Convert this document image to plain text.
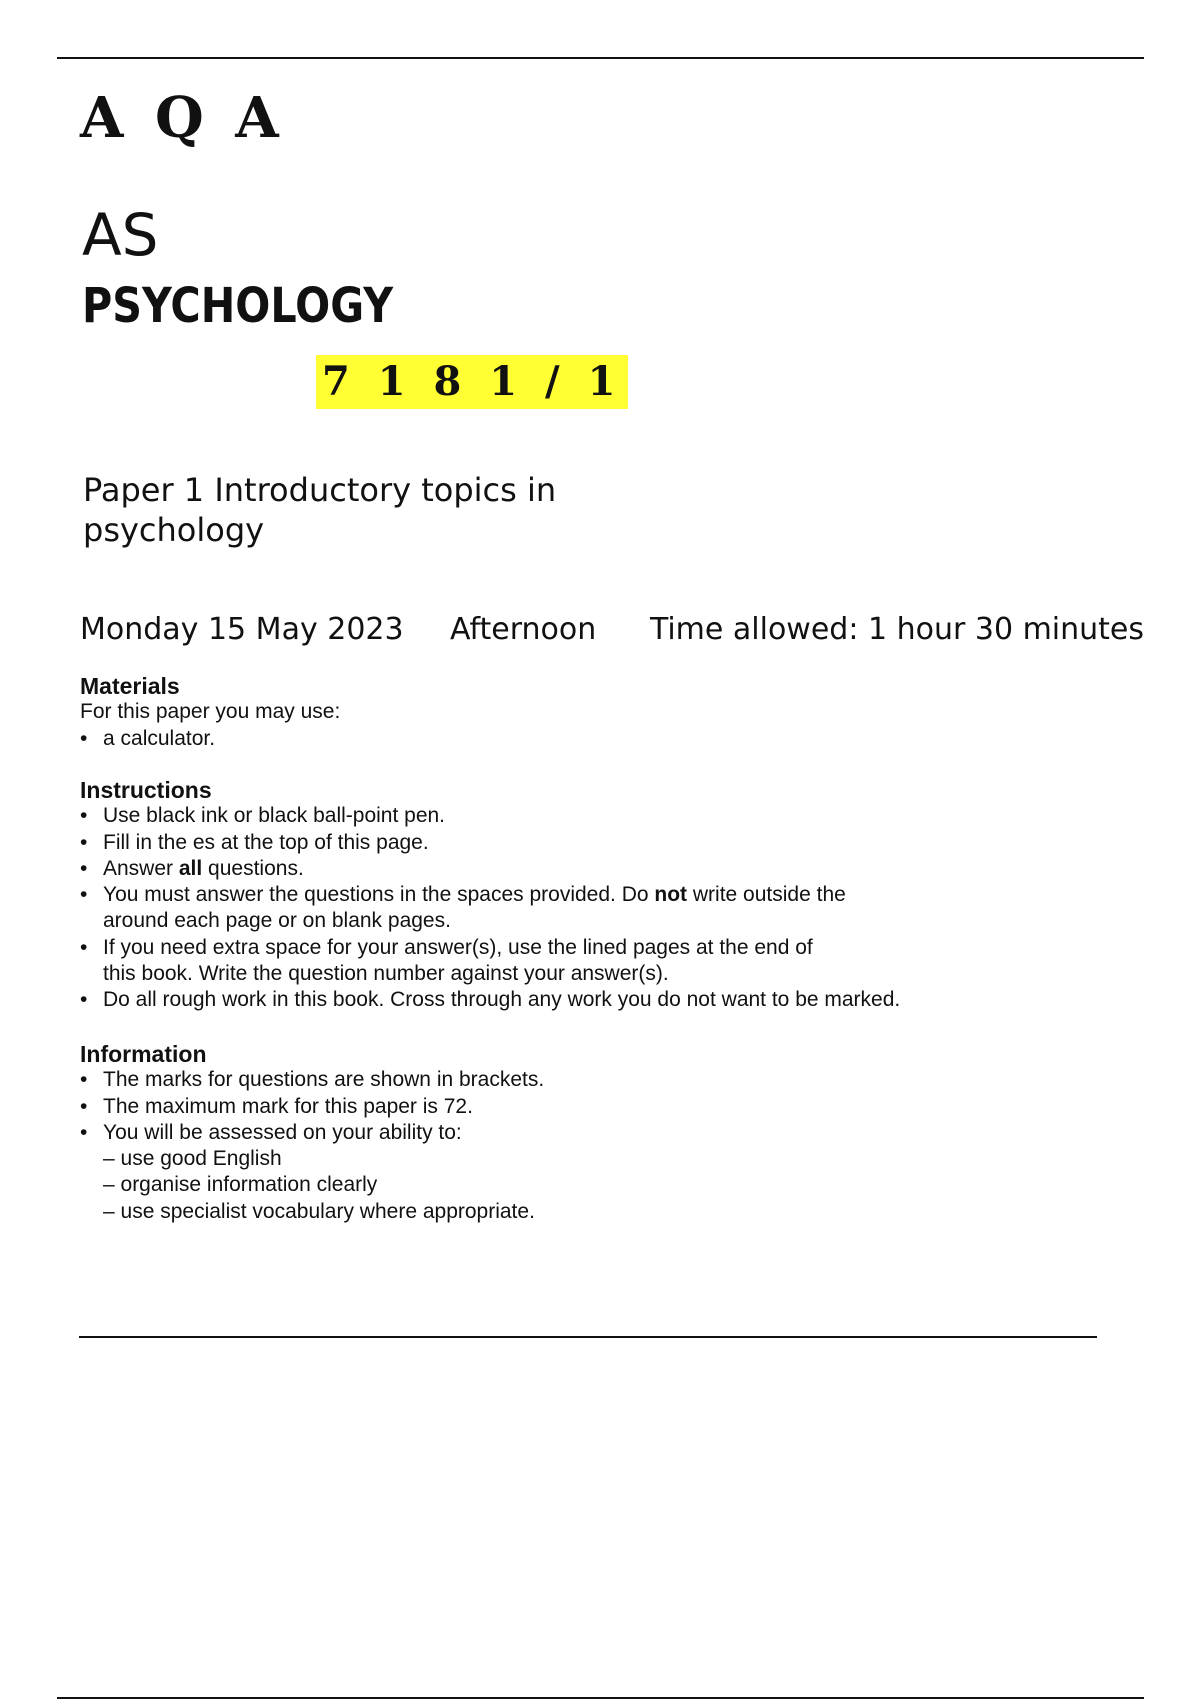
A Q A
AS
PSYCHOLOGY
7 1 8 1 / 1
Paper 1 Introductory topics in psychology
Monday 15 May 2023 Afternoon Time allowed: 1 hour 30 minutes
Materials

For this paper you may use:

• a calculator.
Instructions
• Use black ink or black ball-point pen.
• Fill in the es at the top of this page.
• Answer all questions.
• You must answer the questions in the spaces provided. Do not write outside the around each page or on blank pages.
• If you need extra space for your answer(s), use the lined pages at the end of this book. Write the question number against your answer(s).
• Do all rough work in this book. Cross through any work you do not want to be marked.
Information
• The marks for questions are shown in brackets.
• The maximum mark for this paper is 72.
• You will be assessed on your ability to:
– use good English
– organise information clearly
– use specialist vocabulary where appropriate.
